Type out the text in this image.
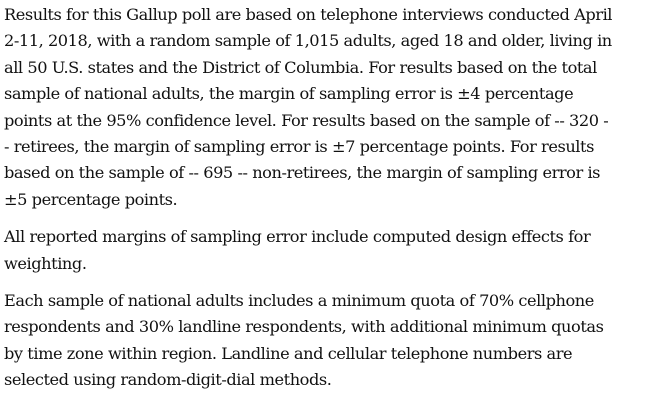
Results for this Gallup poll are based on telephone interviews conducted April
2-11, 2018, with a random sample of 1,015 adults, aged 18 and older, living in
all 50 U.S. states and the District of Columbia. For results based on the total
sample of national adults, the margin of sampling error is ±4 percentage
points at the 95% confidence level. For results based on the sample of -- 320 -
- retirees, the margin of sampling error is ±7 percentage points. For results
based on the sample of -- 695 -- non-retirees, the margin of sampling error is
±5 percentage points.

All reported margins of sampling error include computed design effects for
weighting.

Each sample of national adults includes a minimum quota of 70% cellphone
respondents and 30% landline respondents, with additional minimum quotas
by time zone within region. Landline and cellular telephone numbers are
selected using random-digit-dial methods.
